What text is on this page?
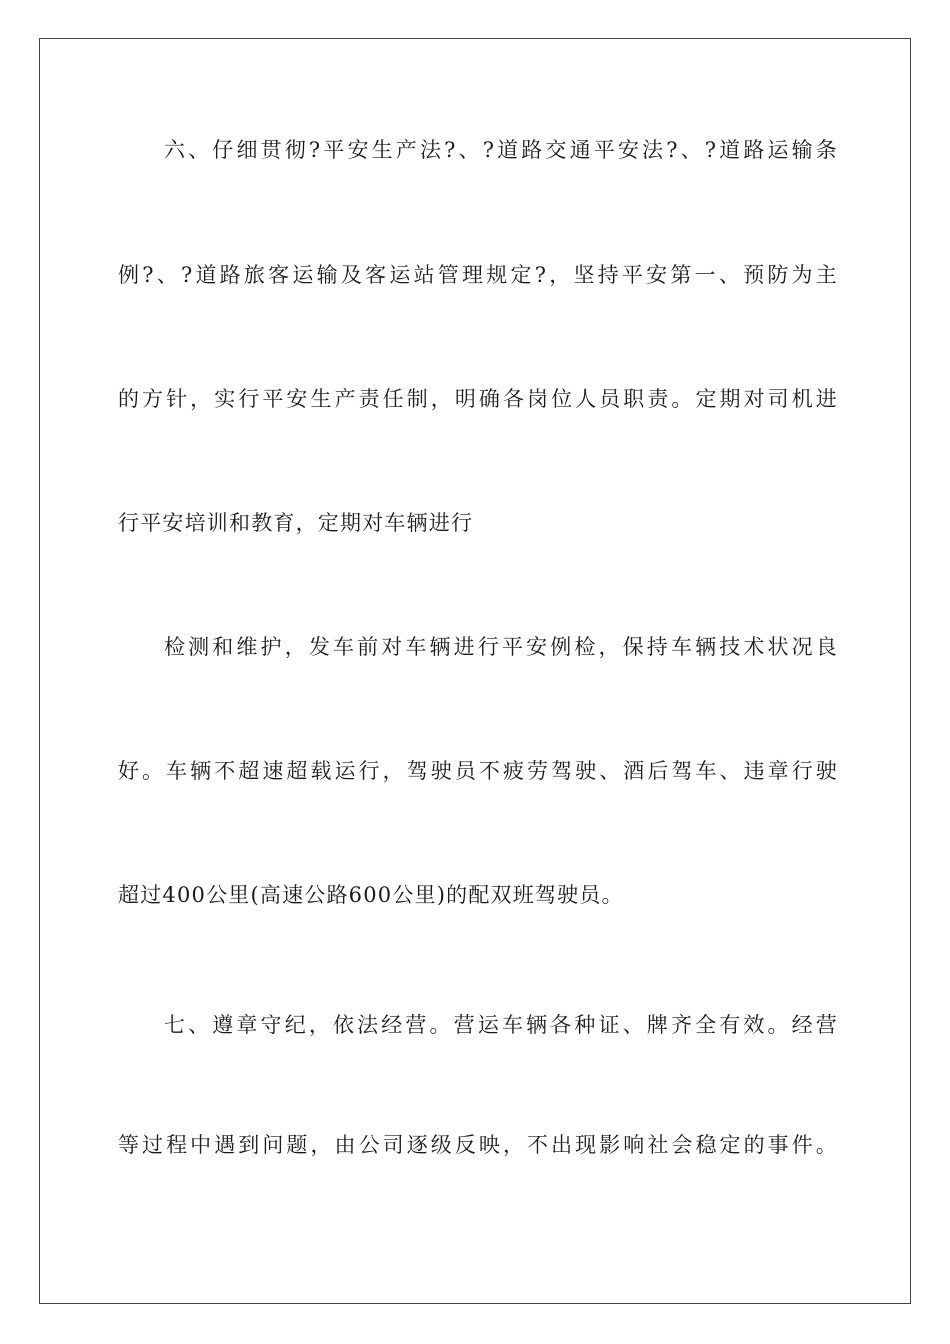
六、仔细贯彻?平安生产法?、?道路交通平安法?、?道路运输条
例?、?道路旅客运输及客运站管理规定?，坚持平安第一、预防为主
的方针，实行平安生产责任制，明确各岗位人员职责。定期对司机进
行平安培训和教育，定期对车辆进行
检测和维护，发车前对车辆进行平安例检，保持车辆技术状况良
好。车辆不超速超载运行，驾驶员不疲劳驾驶、酒后驾车、违章行驶
超过400公里(高速公路600公里)的配双班驾驶员。
七、遵章守纪，依法经营。营运车辆各种证、牌齐全有效。经营
等过程中遇到问题，由公司逐级反映，不出现影响社会稳定的事件。
